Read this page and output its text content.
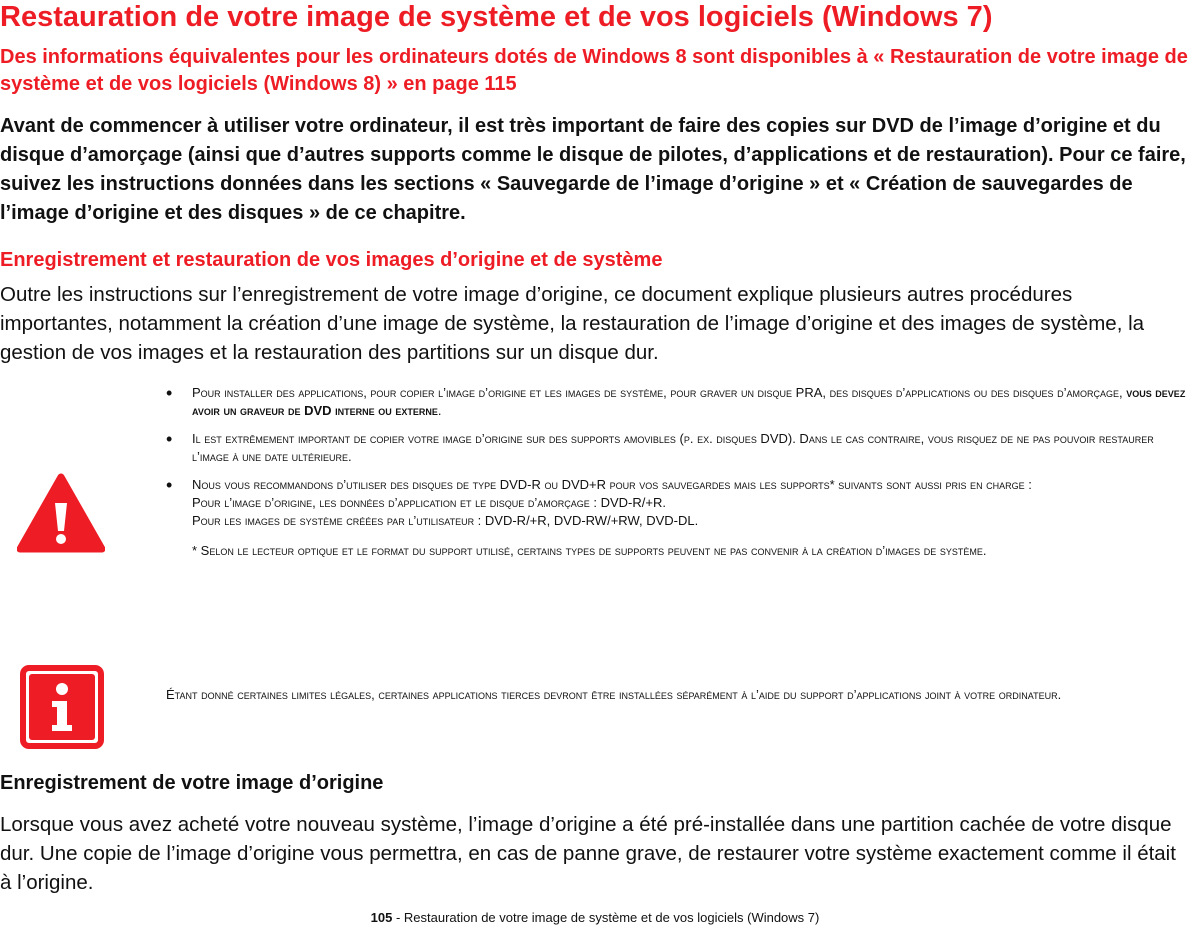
Restauration de votre image de système et de vos logiciels (Windows 7)
Des informations équivalentes pour les ordinateurs dotés de Windows 8 sont disponibles à « Restauration de votre image de système et de vos logiciels (Windows 8) » en page 115
Avant de commencer à utiliser votre ordinateur, il est très important de faire des copies sur DVD de l’image d’origine et du disque d’amorçage (ainsi que d’autres supports comme le disque de pilotes, d’applications et de restauration). Pour ce faire, suivez les instructions données dans les sections « Sauvegarde de l’image d’origine » et « Création de sauvegardes de l’image d’origine et des disques » de ce chapitre.
Enregistrement et restauration de vos images d’origine et de système
Outre les instructions sur l’enregistrement de votre image d’origine, ce document explique plusieurs autres procédures importantes, notamment la création d’une image de système, la restauration de l’image d’origine et des images de système, la gestion de vos images et la restauration des partitions sur un disque dur.
• Pour installer des applications, pour copier l’image d’origine et les images de système, pour graver un disque PRA, des disques d’applications ou des disques d’amorçage, vous devez avoir un graveur de DVD interne ou externe.
• Il est extrêmement important de copier votre image d’origine sur des supports amovibles (p. ex. disques DVD). Dans le cas contraire, vous risquez de ne pas pouvoir restaurer l’image à une date ultérieure.
• Nous vous recommandons d’utiliser des disques de type DVD-R ou DVD+R pour vos sauvegardes mais les supports* suivants sont aussi pris en charge :
Pour l’image d’origine, les données d’application et le disque d’amorçage : DVD-R/+R.
Pour les images de système créées par l’utilisateur : DVD-R/+R, DVD-RW/+RW, DVD-DL.
* Selon le lecteur optique et le format du support utilisé, certains types de supports peuvent ne pas convenir à la création d’images de système.
Étant donné certaines limites légales, certaines applications tierces devront être installées séparément à l’aide du support d’applications joint à votre ordinateur.
Enregistrement de votre image d’origine
Lorsque vous avez acheté votre nouveau système, l’image d’origine a été pré-installée dans une partition cachée de votre disque dur. Une copie de l’image d’origine vous permettra, en cas de panne grave, de restaurer votre système exactement comme il était à l’origine.
105 - Restauration de votre image de système et de vos logiciels (Windows 7)
